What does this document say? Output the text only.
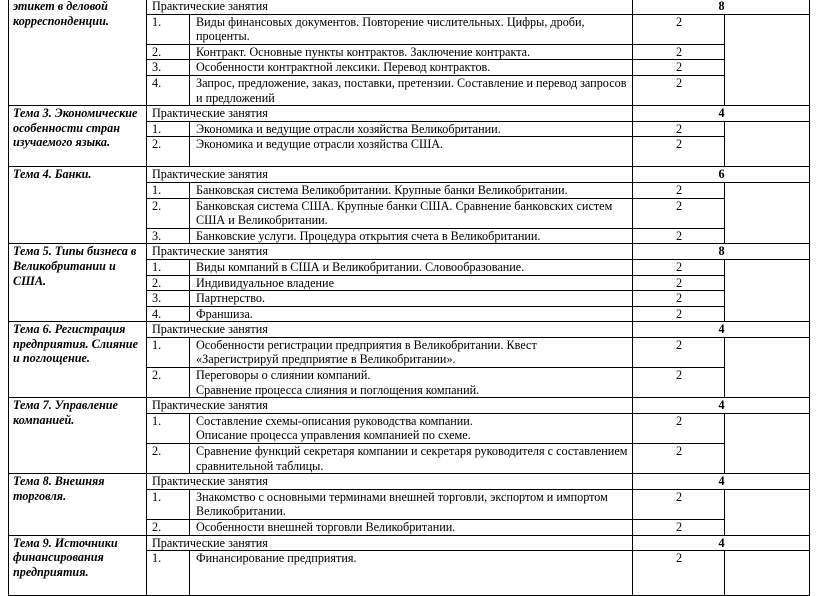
этикет в деловой корреспонденции.	Практические занятия		8	
	1.	Виды финансовых документов. Повторение числительных. Цифры, дроби, проценты.	2	
	2.	Контракт. Основные пункты контрактов. Заключение контракта.	2	
	3.	Особенности контрактной лексики. Перевод контрактов.	2	
	4.	Запрос, предложение, заказ, поставки, претензии. Составление и перевод запросов и предложений	2	
Тема 3. Экономические особенности стран изучаемого языка.	Практические занятия		4	
	1.	Экономика и ведущие отрасли хозяйства Великобритании.	2	
	2.	Экономика и ведущие отрасли хозяйства США.	2	
Тема 4. Банки.	Практические занятия		6	
	1.	Банковская система Великобритании. Крупные банки Великобритании.	2	
	2.	Банковская система США. Крупные банки США. Сравнение банковских систем США и Великобритании.	2	
	3.	Банковские услуги. Процедура открытия счета в Великобритании.	2	
Тема 5. Типы бизнеса в Великобритании и США.	Практические занятия		8	
	1.	Виды компаний в США и Великобритании. Словообразование.	2	
	2.	Индивидуальное владение	2	
	3.	Партнерство.	2	
	4.	Франшиза.	2	
Тема 6. Регистрация предприятия. Слияние и поглощение.	Практические занятия		4	
	1.	Особенности регистрации предприятия в Великобритании. Квест
«Зарегистрируй предприятие в Великобритании».	2	
	2.	Переговоры о слиянии компаний.
Сравнение процесса слияния и поглощения компаний.	2	
Тема 7. Управление компанией.	Практические занятия		4	
	1.	Составление схемы-описания руководства компании.
Описание процесса управления компанией по схеме.	2	
	2.	Сравнение функций секретаря компании и секретаря руководителя с составлением сравнительной таблицы.	2	
Тема 8. Внешняя торговля.	Практические занятия		4	
	1.	Знакомство с основными терминами внешней торговли, экспортом и импортом Великобритании.	2	
	2.	Особенности внешней торговли Великобритании.	2	
Тема 9. Источники финансирования предприятия.	Практические занятия		4	
	1.	Финансирование предприятия.	2	
